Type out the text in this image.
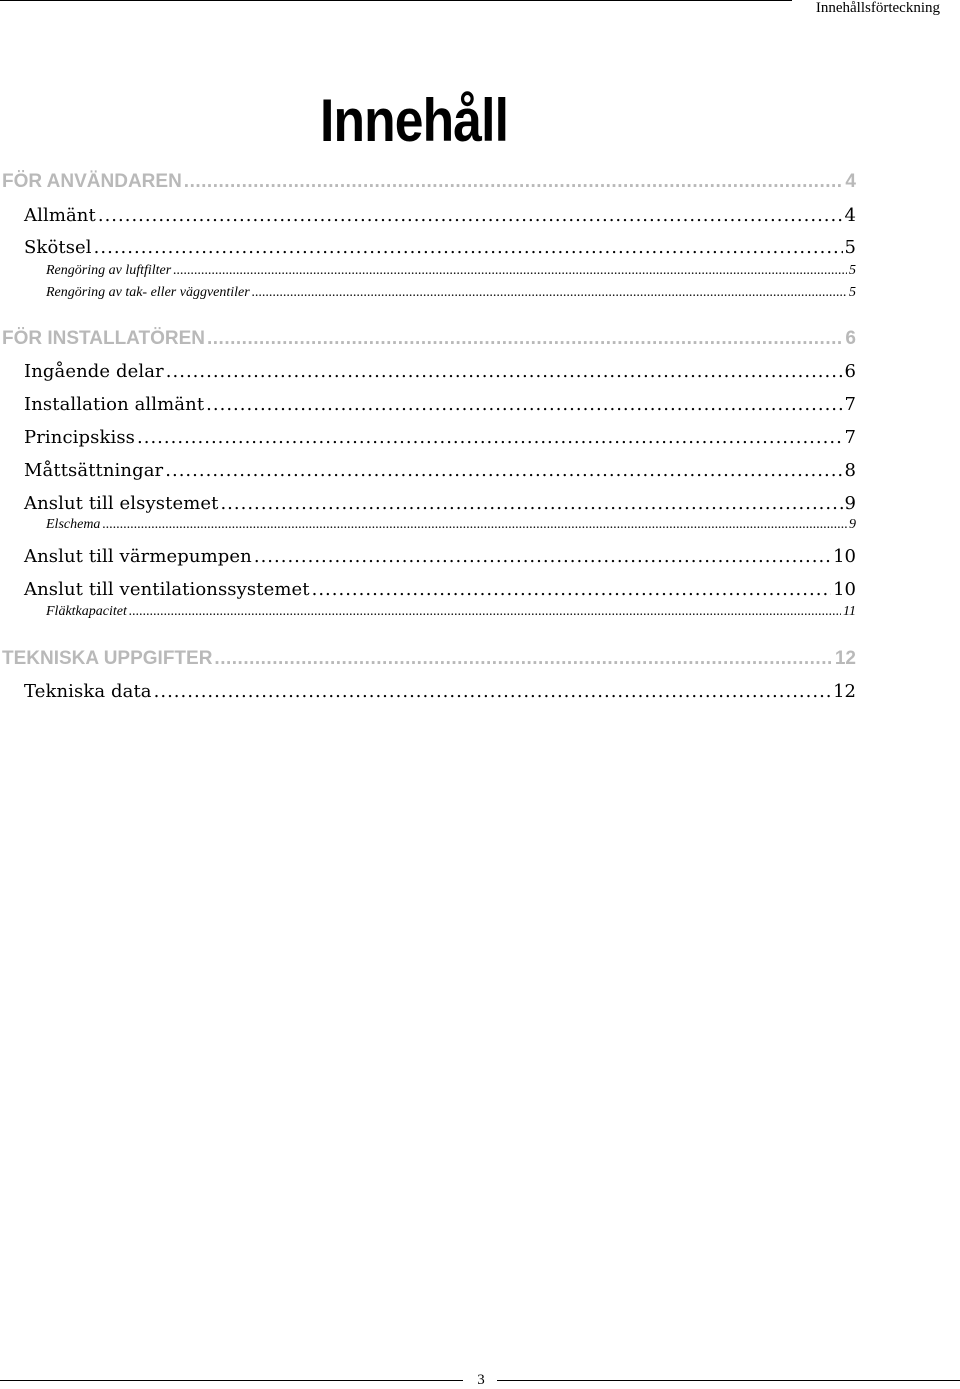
Innehållsförteckning
Innehåll
FÖR ANVÄNDAREN .....	4
Allmänt .....	4
Skötsel .....	5
Rengöring av luftfilter .....	5
Rengöring av tak- eller väggventiler .....	5
FÖR INSTALLATÖREN .....	6
Ingående delar .....	6
Installation allmänt .....	7
Principskiss .....	7
Måttsättningar .....	8
Anslut till elsystemet .....	9
Elschema .....	9
Anslut till värmepumpen .....	10
Anslut till ventilationssystemet .....	10
Fläktkapacitet .....	11
TEKNISKA UPPGIFTER .....	12
Tekniska data .....	12
3
